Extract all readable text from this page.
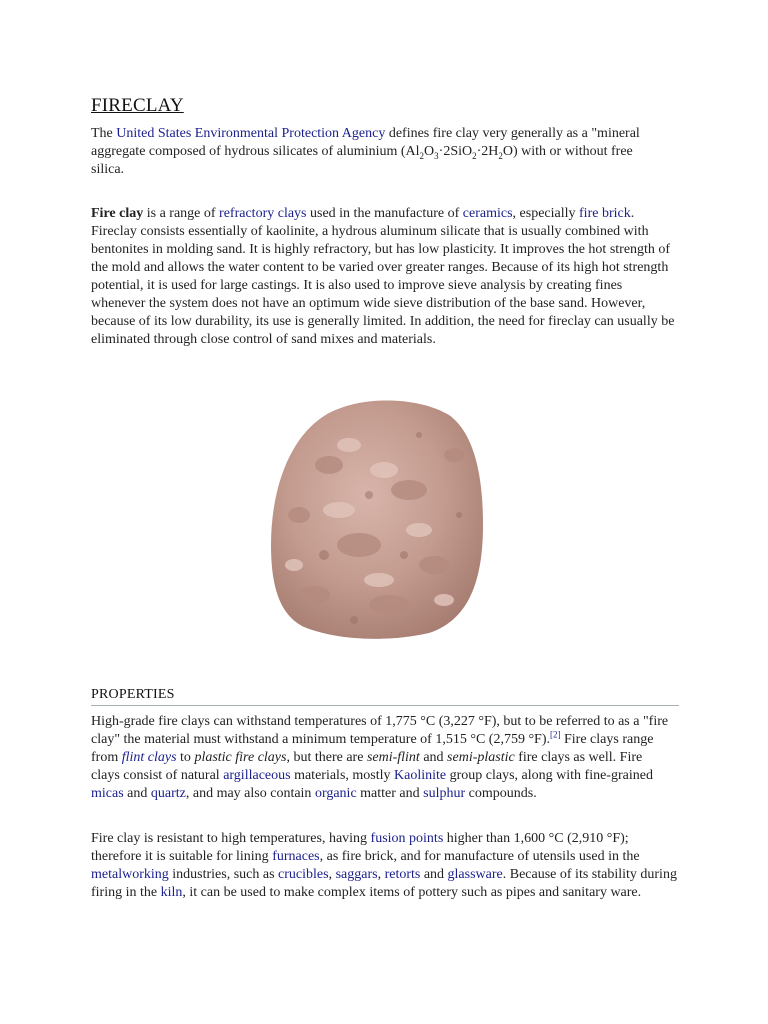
FIRECLAY

The United States Environmental Protection Agency defines fire clay very generally as a "mineral aggregate composed of hydrous silicates of aluminium $(Al_2O_3\cdot 2SiO_2\cdot 2H_2O)$ with or without free silica.

Fire clay is a range of refractory clays used in the manufacture of ceramics, especially fire brick. Fireclay consists essentially of kaolinite, a hydrous aluminum silicate that is usually combined with bentonites in molding sand. It is highly refractory, but has low plasticity. It improves the hot strength of the mold and allows the water content to be varied over greater ranges. Because of its high hot strength potential, it is used for large castings. It is also used to improve sieve analysis by creating fines whenever the system does not have an optimum wide sieve distribution of the base sand. However, because of its low durability, its use is generally limited. In addition, the need for fireclay can usually be eliminated through close control of sand mixes and materials.

PROPERTIES

High-grade fire clays can withstand temperatures of 1,775 °C (3,227 °F), but to be referred to as a "fire clay" the material must withstand a minimum temperature of 1,515 °C (2,759 °F).[2] Fire clays range from flint clays to plastic fire clays, but there are semi-flint and semi-plastic fire clays as well. Fire clays consist of natural argillaceous materials, mostly Kaolinite group clays, along with fine-grained micas and quartz, and may also contain organic matter and sulphur compounds.

Fire clay is resistant to high temperatures, having fusion points higher than 1,600 °C (2,910 °F); therefore it is suitable for lining furnaces, as fire brick, and for manufacture of utensils used in the metalworking industries, such as crucibles, saggars, retorts and glassware. Because of its stability during firing in the kiln, it can be used to make complex items of pottery such as pipes and sanitary ware.
